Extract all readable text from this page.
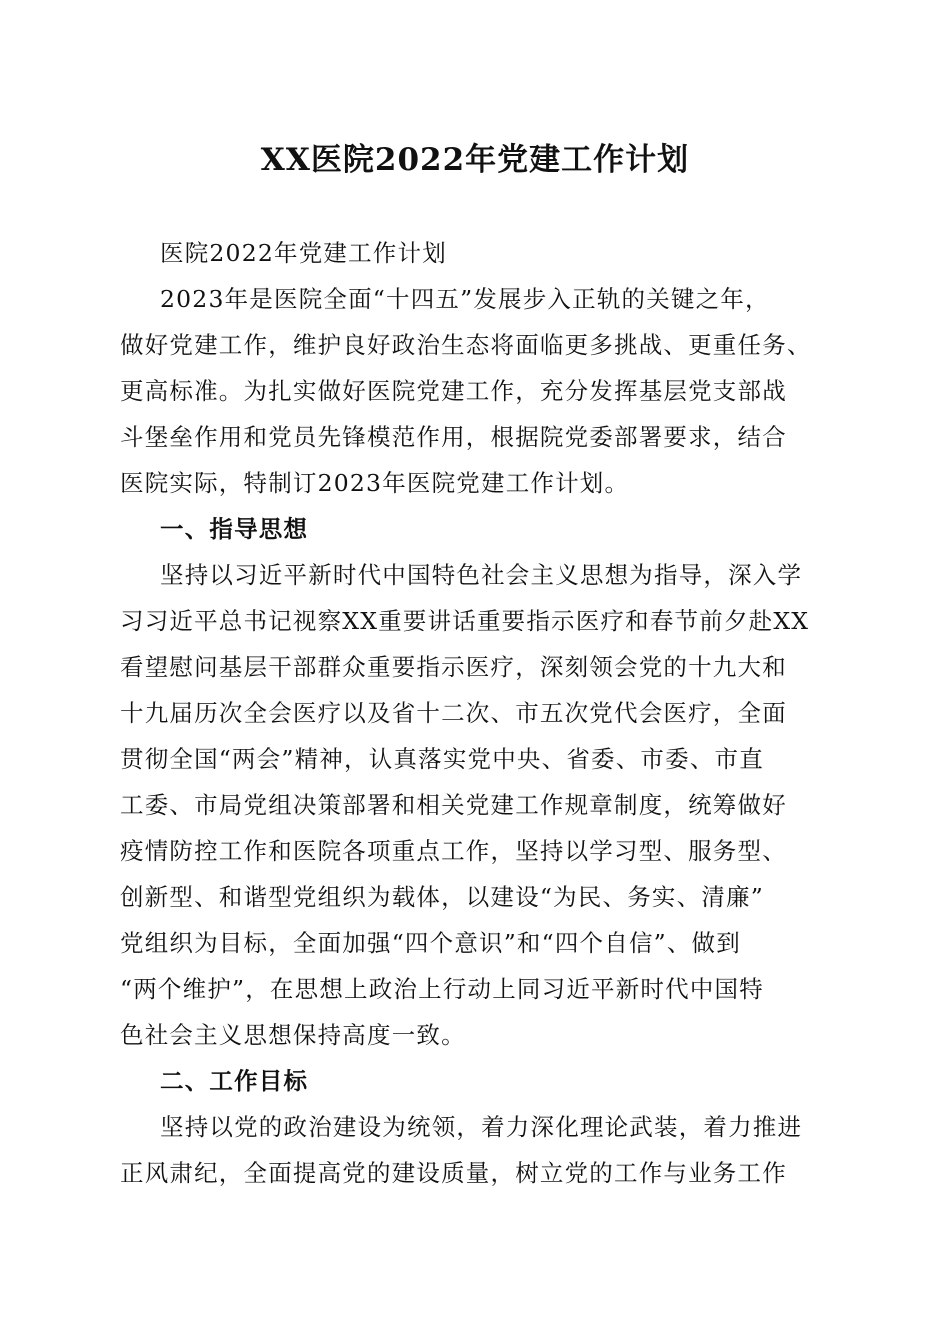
XX医院2022年党建工作计划
医院2022年党建工作计划
2023年是医院全面“十四五”发展步入正轨的关键之年，
做好党建工作，维护良好政治生态将面临更多挑战、更重任务、
更高标准。为扎实做好医院党建工作，充分发挥基层党支部战
斗堡垒作用和党员先锋模范作用，根据院党委部署要求，结合
医院实际，特制订2023年医院党建工作计划。
一、指导思想
坚持以习近平新时代中国特色社会主义思想为指导，深入学
习习近平总书记视察XX重要讲话重要指示医疗和春节前夕赴XX
看望慰问基层干部群众重要指示医疗，深刻领会党的十九大和
十九届历次全会医疗以及省十二次、市五次党代会医疗，全面
贯彻全国“两会”精神，认真落实党中央、省委、市委、市直
工委、市局党组决策部署和相关党建工作规章制度，统筹做好
疫情防控工作和医院各项重点工作，坚持以学习型、服务型、
创新型、和谐型党组织为载体，以建设“为民、务实、清廉”
党组织为目标，全面加强“四个意识”和“四个自信”、做到
“两个维护”，在思想上政治上行动上同习近平新时代中国特
色社会主义思想保持高度一致。
二、工作目标
坚持以党的政治建设为统领，着力深化理论武装，着力推进
正风肃纪，全面提高党的建设质量，树立党的工作与业务工作
